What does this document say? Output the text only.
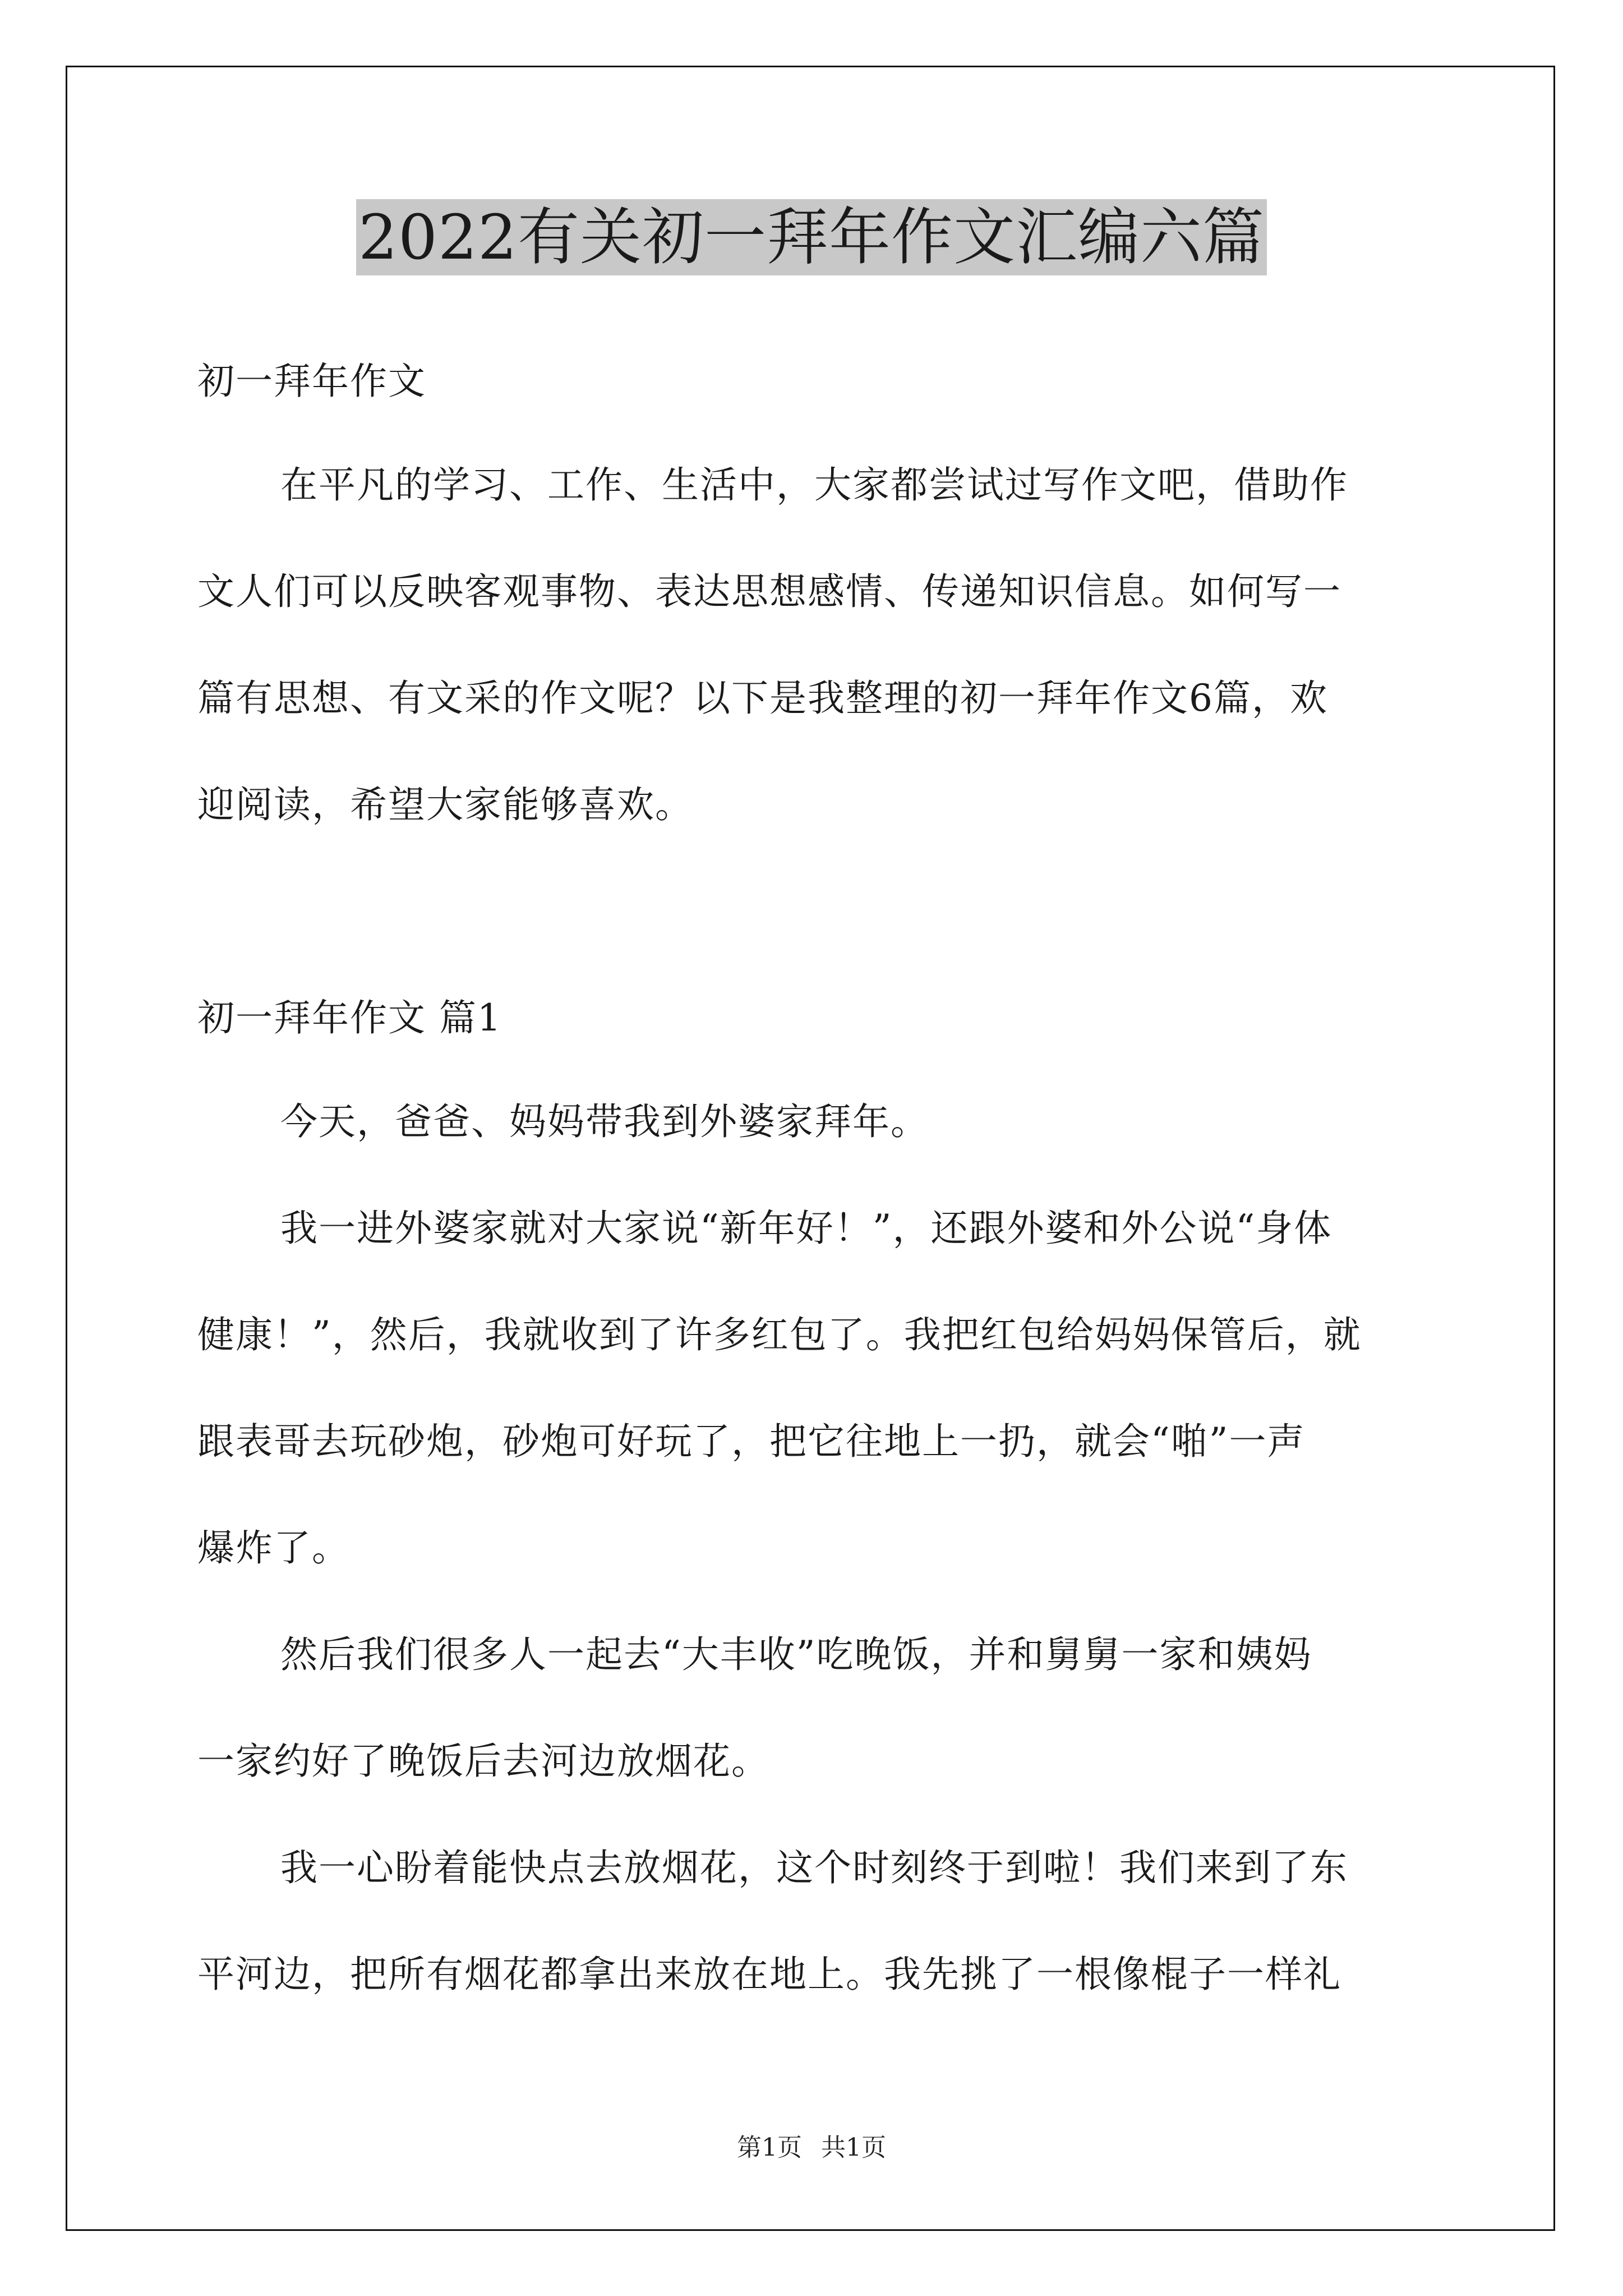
2022有关初一拜年作文汇编六篇
初一拜年作文
在平凡的学习、工作、生活中，大家都尝试过写作文吧，借助作
文人们可以反映客观事物、表达思想感情、传递知识信息。如何写一
篇有思想、有文采的作文呢？以下是我整理的初一拜年作文6篇，欢
迎阅读，希望大家能够喜欢。
初一拜年作文 篇1
今天，爸爸、妈妈带我到外婆家拜年。
我一进外婆家就对大家说“新年好！”，还跟外婆和外公说“身体
健康！”，然后，我就收到了许多红包了。我把红包给妈妈保管后，就
跟表哥去玩砂炮，砂炮可好玩了，把它往地上一扔，就会“啪”一声
爆炸了。
然后我们很多人一起去“大丰收”吃晚饭，并和舅舅一家和姨妈
一家约好了晚饭后去河边放烟花。
我一心盼着能快点去放烟花，这个时刻终于到啦！我们来到了东
平河边，把所有烟花都拿出来放在地上。我先挑了一根像棍子一样礼
第1页 共1页
